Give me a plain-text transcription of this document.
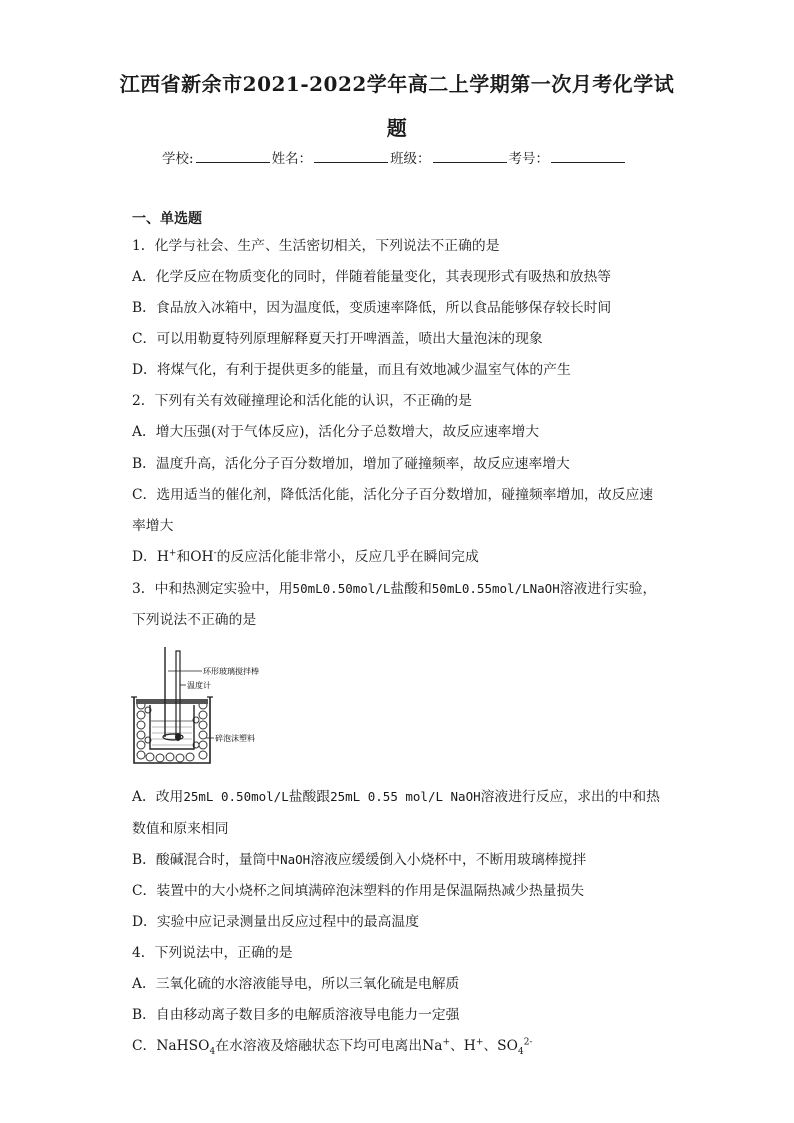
江西省新余市2021-2022学年高二上学期第一次月考化学试
题
学校:	姓名：	班级：	考号：
一、单选题
1．化学与社会、生产、生活密切相关，下列说法不正确的是
A．化学反应在物质变化的同时，伴随着能量变化，其表现形式有吸热和放热等
B．食品放入冰箱中，因为温度低，变质速率降低，所以食品能够保存较长时间
C．可以用勒夏特列原理解释夏天打开啤酒盖，喷出大量泡沫的现象
D．将煤气化，有利于提供更多的能量，而且有效地减少温室气体的产生
2．下列有关有效碰撞理论和活化能的认识，不正确的是
A．增大压强(对于气体反应)，活化分子总数增大，故反应速率增大
B．温度升高，活化分子百分数增加，增加了碰撞频率，故反应速率增大
C．选用适当的催化剂，降低活化能，活化分子百分数增加，碰撞频率增加，故反应速
率增大
D．H+和OH-的反应活化能非常小，反应几乎在瞬间完成
3．中和热测定实验中，用50mL0.50mol/L盐酸和50mL0.55mol/LNaOH溶液进行实验，
下列说法不正确的是
环形玻璃搅拌棒
温度计
碎泡沫塑料
A．改用25mL 0.50mol/L盐酸跟25mL 0.55 mol/L NaOH溶液进行反应，求出的中和热
数值和原来相同
B．酸碱混合时，量筒中NaOH溶液应缓缓倒入小烧杯中，不断用玻璃棒搅拌
C．装置中的大小烧杯之间填满碎泡沫塑料的作用是保温隔热减少热量损失
D．实验中应记录测量出反应过程中的最高温度
4．下列说法中，正确的是
A．三氧化硫的水溶液能导电，所以三氧化硫是电解质
B．自由移动离子数目多的电解质溶液导电能力一定强
C．NaHSO$_4$在水溶液及熔融状态下均可电离出Na+、H+、$SO_4^{2-}$
